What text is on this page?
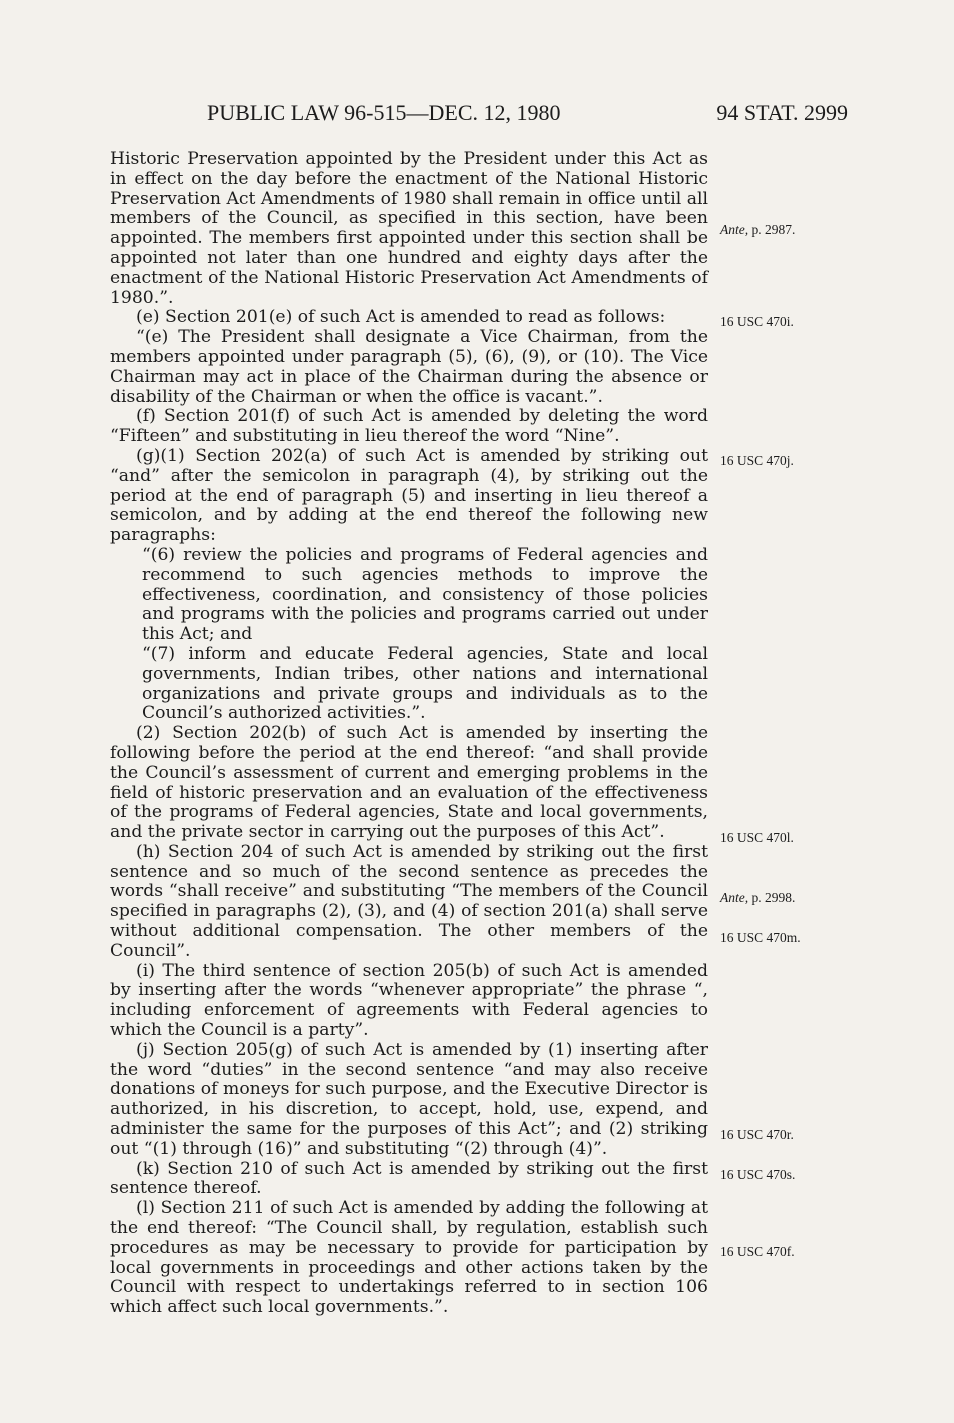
PUBLIC LAW 96-515—DEC. 12, 1980	94 STAT. 2999

Historic Preservation appointed by the President under this Act as in effect on the day before the enactment of the National Historic Preservation Act Amendments of 1980 shall remain in office until all members of the Council, as specified in this section, have been appointed. The members first appointed under this section shall be appointed not later than one hundred and eighty days after the enactment of the National Historic Preservation Act Amendments of 1980.”.

(e) Section 201(e) of such Act is amended to read as follows:

“(e) The President shall designate a Vice Chairman, from the members appointed under paragraph (5), (6), (9), or (10). The Vice Chairman may act in place of the Chairman during the absence or disability of the Chairman or when the office is vacant.”.

(f) Section 201(f) of such Act is amended by deleting the word “Fifteen” and substituting in lieu thereof the word “Nine”.

(g)(1) Section 202(a) of such Act is amended by striking out “and” after the semicolon in paragraph (4), by striking out the period at the end of paragraph (5) and inserting in lieu thereof a semicolon, and by adding at the end thereof the following new paragraphs:

“(6) review the policies and programs of Federal agencies and recommend to such agencies methods to improve the effectiveness, coordination, and consistency of those policies and programs with the policies and programs carried out under this Act; and

“(7) inform and educate Federal agencies, State and local governments, Indian tribes, other nations and international organizations and private groups and individuals as to the Council’s authorized activities.”.

(2) Section 202(b) of such Act is amended by inserting the following before the period at the end thereof: “and shall provide the Council’s assessment of current and emerging problems in the field of historic preservation and an evaluation of the effectiveness of the programs of Federal agencies, State and local governments, and the private sector in carrying out the purposes of this Act”.

(h) Section 204 of such Act is amended by striking out the first sentence and so much of the second sentence as precedes the words “shall receive” and substituting “The members of the Council specified in paragraphs (2), (3), and (4) of section 201(a) shall serve without additional compensation. The other members of the Council”.

(i) The third sentence of section 205(b) of such Act is amended by inserting after the words “whenever appropriate” the phrase “, including enforcement of agreements with Federal agencies to which the Council is a party”.

(j) Section 205(g) of such Act is amended by (1) inserting after the word “duties” in the second sentence “and may also receive donations of moneys for such purpose, and the Executive Director is authorized, in his discretion, to accept, hold, use, expend, and administer the same for the purposes of this Act”; and (2) striking out “(1) through (16)” and substituting “(2) through (4)”.

(k) Section 210 of such Act is amended by striking out the first sentence thereof.

(l) Section 211 of such Act is amended by adding the following at the end thereof: “The Council shall, by regulation, establish such procedures as may be necessary to provide for participation by local governments in proceedings and other actions taken by the Council with respect to undertakings referred to in section 106 which affect such local governments.”.

Ante, p. 2987.
16 USC 470i.
16 USC 470j.
16 USC 470l.
Ante, p. 2998.
16 USC 470m.
16 USC 470r.
16 USC 470s.
16 USC 470f.
